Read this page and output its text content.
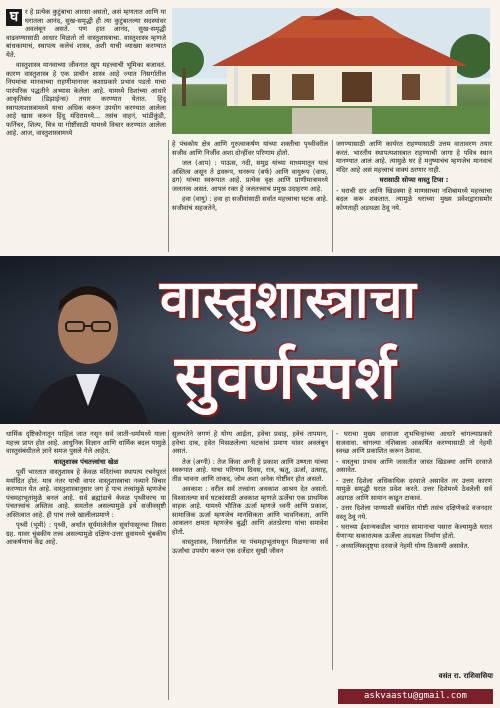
घ	र हे प्रत्येक कुटुंबाचा आरसा असतो, असं म्हणतात आणि या घरातला आनंद, सुख-समृद्धी ही त्या कुटुंबातल्या सदस्यांवर अवलंबून असते. पण हात आनंद, सुख-समृद्धी वाढवण्यासाठी आधार मिळतो तो वास्तुशास्त्राचा. वास्तुशास्त्र म्हणजे बांधकामाचं, स्थापत्य कलेचं शास्त्र, अशी याची व्याख्या करण्यात येते.

वास्तुशास्त्र मानवाच्या जीवनात खूप महत्त्वाची भूमिका बजावतं. कारण वास्तुशास्त्र हे एक प्राचीन शास्त्र आहे ज्यात निसर्गातील नियमांचा मानवाच्या राहणीमानावर कशाप्रकारे प्रभाव पडतो याचा पारंपरिक पद्धतीने अभ्यास केलेला आहे. यामध्ये दिशांच्या आधारे आकृतिबंध (डिझाईन्स) तयार करण्यात येतात. हिंदू स्थापत्यशास्त्रामध्ये याचा अधिक करून उपयोग करण्यात आलेला आहे खास करून हिंदू मंदिरामध्ये... तसंच वाहनं, भांडीकुंडी, फर्निचर, शिल्प, चित्र या गोष्टींसाठी यामध्ये विचार करण्यात आलेला आहे. आज, वास्तुशास्त्रामध्ये

हे पंचकोय क्षेत्र आणि गुरुत्वाकर्षण यांच्या शक्तीचा पृथ्वीवरील सजीव आणि निर्जीव अशा दोन्हींवर परिणाम होतो.

जल (आप) : पाऊस, नदी, समुद्र यांच्या माध्यमातून याचं अस्तित्व असून ते द्रवरूप, घनरूप (बर्फ) आणि वायुरूप (वाफ, ढग) यांच्या स्वरूपात आहे. प्रत्येक वृक्ष आणि प्राणीमात्रामध्ये जलतत्त्व असतं. आपलं रक्त हे जलतत्त्वाचं प्रमुख उदाहरण आहे.

हवा (वायु) : हवा हा सजीवांसाठी सर्वात महत्त्वाचा घटक आहे. सजीवांचं सहजतेने,

जगण्यासाठी आणि कार्यरत राहण्यासाठी उत्तम वातावरण तयार करतं. भारतीय स्थापत्यशास्त्रात राहण्याची जागा हे पवित्र स्थान मानण्यात आलं आहे. त्यामुळे घर हे मनुष्याचंच म्हणजेच मानवाचं मंदिर आहे असं महत्त्वाचं वाक्यं ठरणार नाही.

घरासाठी सोप्या वास्तु टिप्स :

- घराची दार आणि खिडक्या हे माणसाच्या नशिबामध्ये महत्त्वाचा बदल करू शकतात. त्यामुळे घराच्या मुख्य प्रवेशद्वारासमोर कोणताही अडथळा ठेवू नये.

वास्तुशास्त्राचा
सुवर्णस्पर्श

धार्मिक दृष्टिकोनातून पाहिलं जात नसून सर्व जाती-धर्मामध्ये याला महत्त्व प्राप्त होत आहे. आधुनिक विज्ञान आणि धार्मिक बदल यामुळे वास्तुसंबंधीतले ज्ञाने समज पुसले गेले आहेत.

वास्तुशास्त्र पंचतत्त्वांचा खेळ

पूर्वी भारतात वास्तुशास्त्र हे केवळ मंदिरांच्या स्थापत्य रचनेपुरतं मर्यादित होतं. मात्र नंतर याची वापर वास्तुशास्त्राचा नव्याने विचार करण्यात येत आहे. वास्तुशास्त्रानुसार जग हे पाच तत्त्वांमुळे म्हणजेच पंचमहाभूतांमुळे बनलं आहे. सर्व ब्रह्मांडाचे केवळ पृथ्वीवरच या पंचतत्त्वांचं अस्तित्व आहे. समतोल असल्यामुळे इथे सजीवसृष्टी अस्तित्वात आहे. ही पाच तत्त्वे खालीलप्रमाणे :

पृथ्वी (भूमी) : पृथ्वी, अर्थात सूर्यमालेतील सूर्यापासूनचा तिसरा ग्रह. यावर चुंबकीय तत्त्व असल्यामुळे दक्षिण-उत्तर ध्रुवामध्ये चुंबकीय आकर्षणाचं केंद्र आहे.

सुलभतेने जगणं हे योग्य आर्द्रता, हवेचा प्रवाह, हवेचं तापमान, हवेचा दाब, हवेत मिसळलेल्या घटकांचं प्रमाण यांवर अवलंबून असतं.

तेज (अग्नी) : तेज किंवा अग्नी हे प्रकाश आणि उष्णता यांच्या स्वरूपात आहे. याचा परिणाम दिवस, रात्र, ऋतू, ऊर्जा, उत्साह, तीव्र भावना आणि ताकद, जोम अशा अनेक गोष्टींवर होत असतो.

अवकाश : वरील सर्व तत्त्वांना अवकाश आश्रय देत असतो. विश्वातल्या सर्व घटकांसाठी अवकाश म्हणजे ऊर्जेचा एक प्राथमिक वाहक आहे. यामध्ये भौतिक ऊर्जा म्हणजे ध्वनी आणि प्रकाश, सामाजिक ऊर्जा म्हणजेच मानसिकता आणि भावनिकता, आणि आकलन क्षमता म्हणजेच बुद्धी आणि अंतःप्रेरणा यांचा समावेश होतो.

वास्तुशास्त्र, निसर्गातील या पंचमहाभूतांमधून मिळणाऱ्या सर्व ऊर्जांचा उपयोग करून एक दर्जेदार सुखी जीवन

- घराचा मुख्य दरवाजा शुभचिन्हांच्या आधारे चांगल्याप्रकारे सजवावा. चांगल्या नशिबाला आकर्षित करण्यासाठी तो नेहमी स्वच्छ आणि प्रकाशित करून ठेवावा.

- वास्तुचा प्रभाव आणि जासतीत जास्त खिडक्या आणि दरवाजे असावेत.

- उत्तर दिशेला अधिकाधिक दरवाजे असावेत तर उत्तम कारण यामुळे समृद्धी घरात प्रवेश करते. उत्तर दिशेमध्ये ठेवलेली सर्व अडगळ आणि सामान काढून टाकावं.

- उत्तर दिशेला पाण्याशी संबंधित गोष्टी तसंच दक्षिणेकडे वजनदार वस्तू ठेवू नये.

- घराच्या ईशान्यकडील भागात सामानाचा पसारा केल्यामुळे घरात येणाऱ्या सकारात्मक ऊर्जेला अडथळा निर्माण होतो.

- अध्यात्मिकदृष्ट्या दरवाजे नेहमी योग्य ठिकाणी असावेत.

वसंत रा. राशिवासिया
askvaastu@gmail.com
